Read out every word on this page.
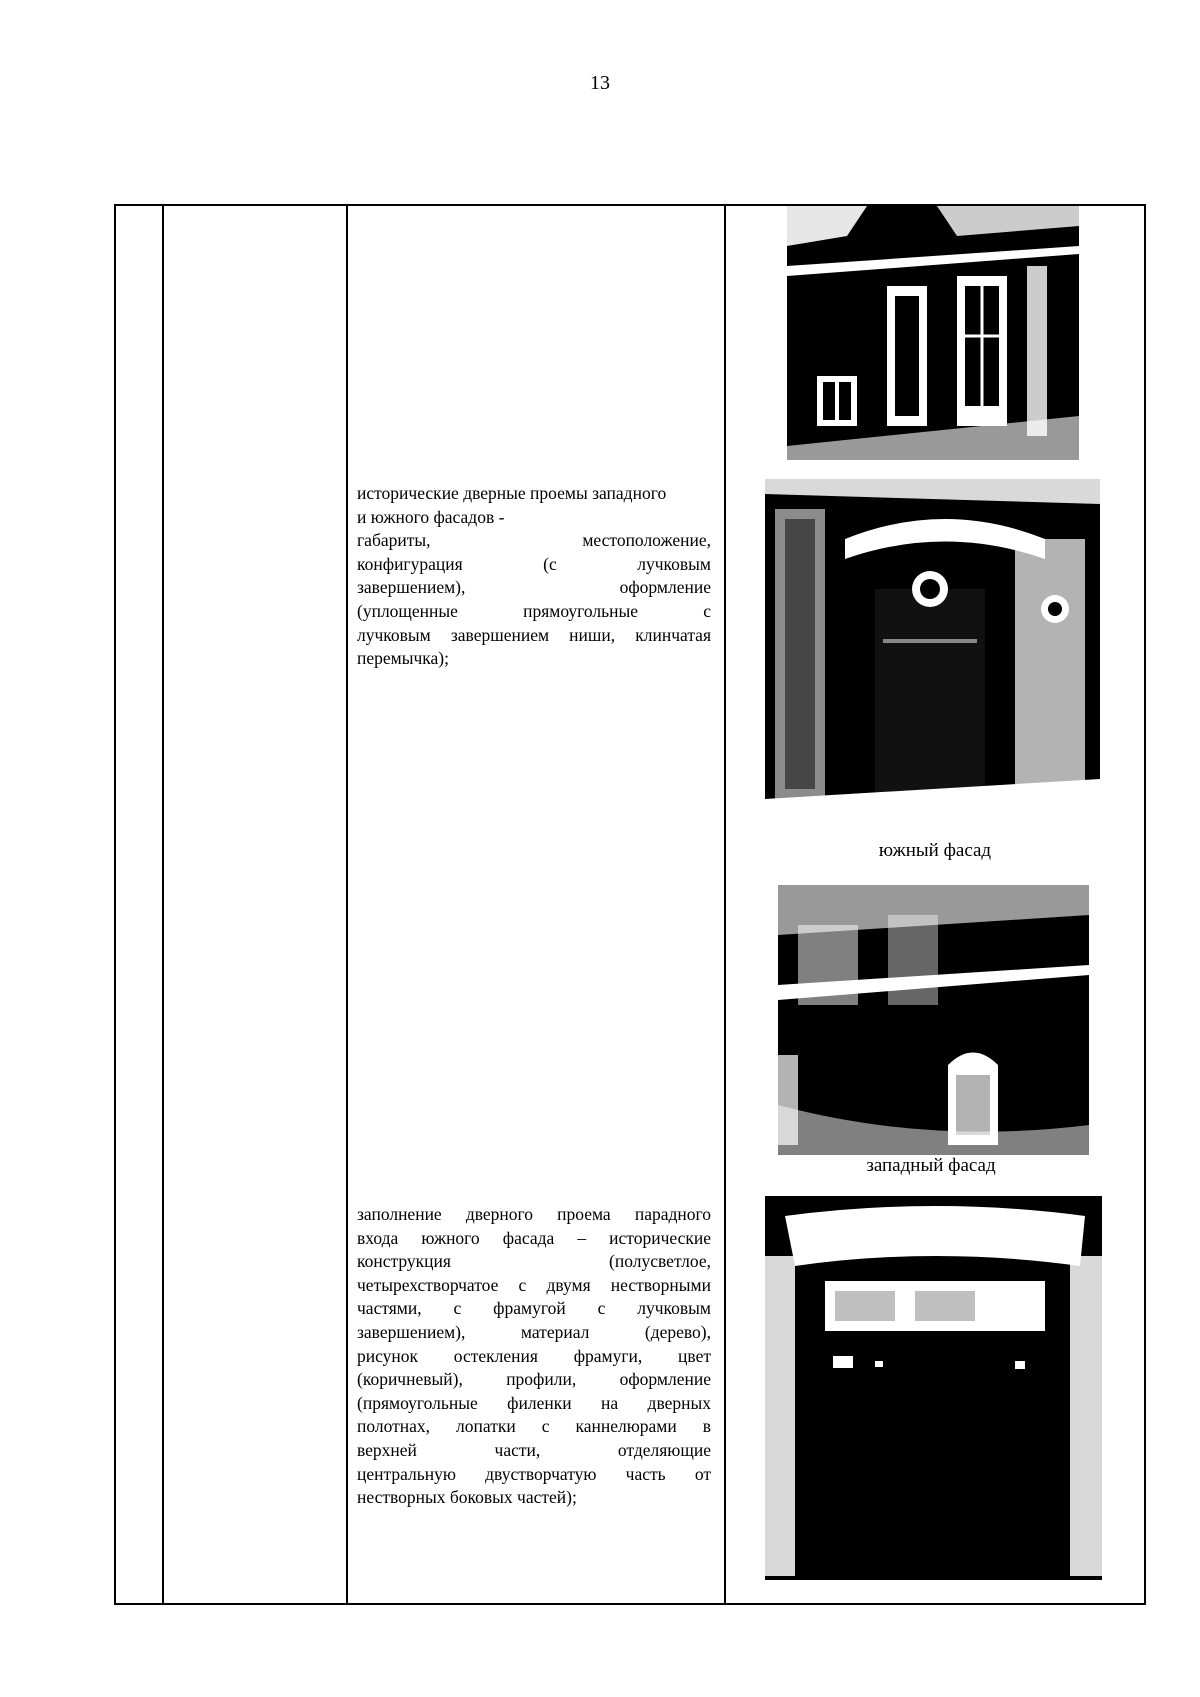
13
исторические дверные проемы западного
и южного фасадов -
габариты, местоположение,
конфигурация (с лучковым
завершением), оформление
(уплощенные прямоугольные с
лучковым завершением ниши, клинчатая
перемычка);
заполнение дверного проема парадного
входа южного фасада – исторические
конструкция (полусветлое,
четырехстворчатое с двумя нестворными
частями, с фрамугой с лучковым
завершением), материал (дерево),
рисунок остекления фрамуги, цвет
(коричневый), профили, оформление
(прямоугольные филенки на дверных
полотнах, лопатки с каннелюрами в
верхней части, отделяющие
центральную двустворчатую часть от
нестворных боковых частей);
южный фасад
западный фасад
